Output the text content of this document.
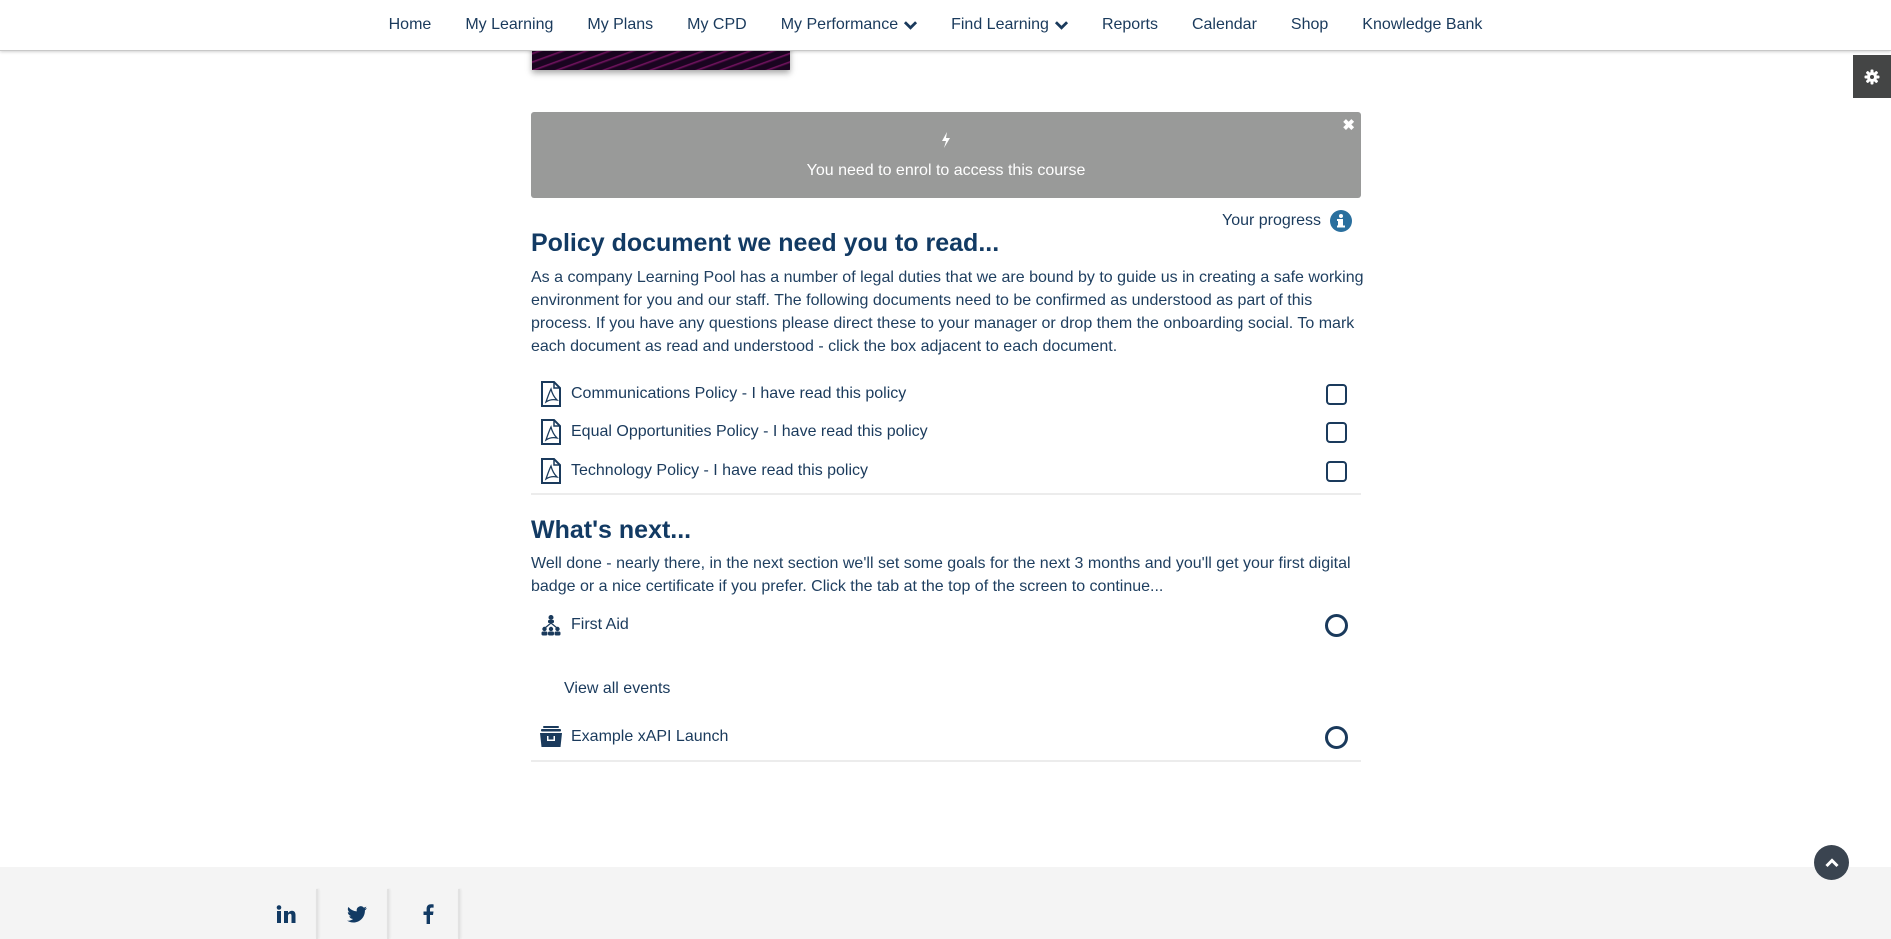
Home My Learning My Plans My CPD My Performance	Find Learning	Reports Calendar Shop Knowledge Bank
You need to enrol to access this course
✖
Your progress
Policy document we need you to read...

As a company Learning Pool has a number of legal duties that we are bound by to guide us in creating a safe working environment for you and our staff. The following documents need to be confirmed as understood as part of this process. If you have any questions please direct these to your manager or drop them the onboarding social. To mark each document as read and understood - click the box adjacent to each document.

Communications Policy - I have read this policy
Equal Opportunities Policy - I have read this policy
Technology Policy - I have read this policy
What's next...

Well done - nearly there, in the next section we'll set some goals for the next 3 months and you'll get your first digital badge or a nice certificate if you prefer. Click the tab at the top of the screen to continue...

First Aid
View all events
Example xAPI Launch
